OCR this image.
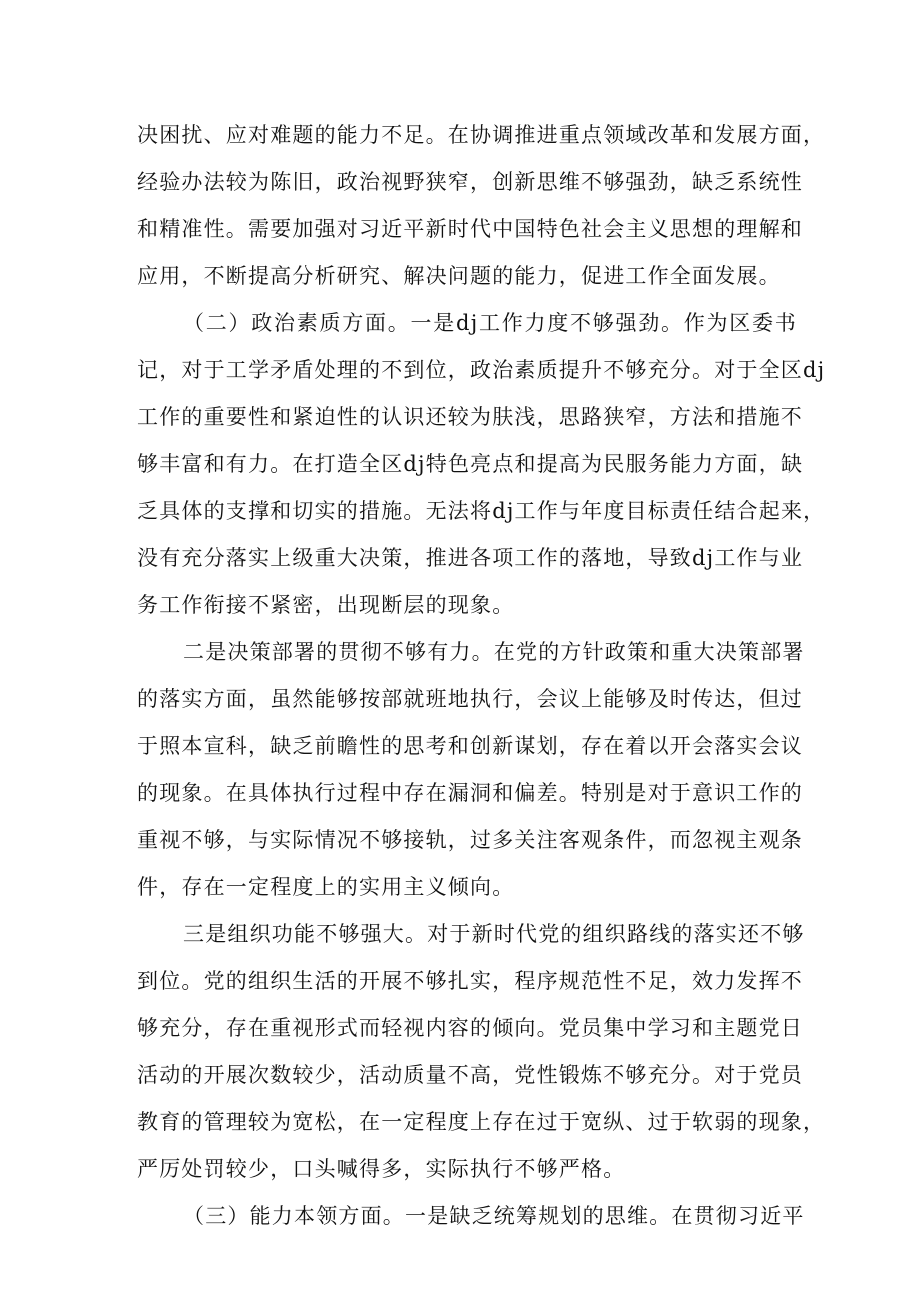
决困扰、应对难题的能力不足。在协调推进重点领域改革和发展方面，
经验办法较为陈旧，政治视野狭窄，创新思维不够强劲，缺乏系统性
和精准性。需要加强对习近平新时代中国特色社会主义思想的理解和
应用，不断提高分析研究、解决问题的能力，促进工作全面发展。
（二）政治素质方面。一是dj工作力度不够强劲。作为区委书
记，对于工学矛盾处理的不到位，政治素质提升不够充分。对于全区dj
工作的重要性和紧迫性的认识还较为肤浅，思路狭窄，方法和措施不
够丰富和有力。在打造全区dj特色亮点和提高为民服务能力方面，缺
乏具体的支撑和切实的措施。无法将dj工作与年度目标责任结合起来，
没有充分落实上级重大决策，推进各项工作的落地，导致dj工作与业
务工作衔接不紧密，出现断层的现象。
二是决策部署的贯彻不够有力。在党的方针政策和重大决策部署
的落实方面，虽然能够按部就班地执行，会议上能够及时传达，但过
于照本宣科，缺乏前瞻性的思考和创新谋划，存在着以开会落实会议
的现象。在具体执行过程中存在漏洞和偏差。特别是对于意识工作的
重视不够，与实际情况不够接轨，过多关注客观条件，而忽视主观条
件，存在一定程度上的实用主义倾向。
三是组织功能不够强大。对于新时代党的组织路线的落实还不够
到位。党的组织生活的开展不够扎实，程序规范性不足，效力发挥不
够充分，存在重视形式而轻视内容的倾向。党员集中学习和主题党日
活动的开展次数较少，活动质量不高，党性锻炼不够充分。对于党员
教育的管理较为宽松，在一定程度上存在过于宽纵、过于软弱的现象，
严厉处罚较少，口头喊得多，实际执行不够严格。
（三）能力本领方面。一是缺乏统筹规划的思维。在贯彻习近平
